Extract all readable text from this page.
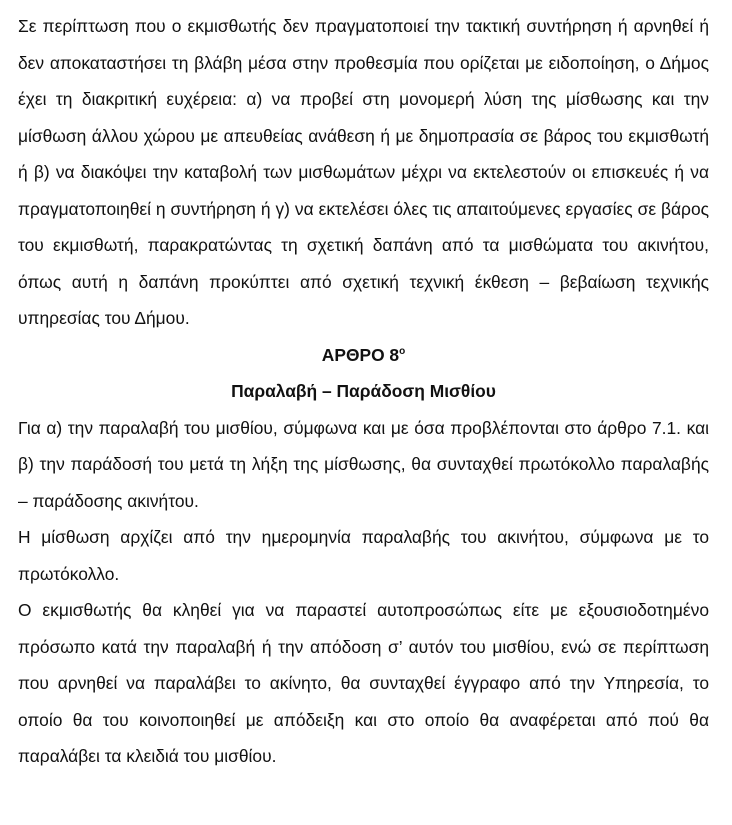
Σε περίπτωση που ο εκμισθωτής δεν πραγματοποιεί την τακτική συντήρηση ή αρνηθεί ή δεν αποκαταστήσει τη βλάβη μέσα στην προθεσμία που ορίζεται με ειδοποίηση, ο Δήμος έχει τη διακριτική ευχέρεια: α) να προβεί στη μονομερή λύση της μίσθωσης και την μίσθωση άλλου χώρου με απευθείας ανάθεση ή με δημοπρασία σε βάρος του εκμισθωτή ή β) να διακόψει την καταβολή των μισθωμάτων μέχρι να εκτελεστούν οι επισκευές ή να πραγματοποιηθεί η συντήρηση ή γ) να εκτελέσει όλες τις απαιτούμενες εργασίες σε βάρος του εκμισθωτή, παρακρατώντας τη σχετική δαπάνη από τα μισθώματα του ακινήτου, όπως αυτή η δαπάνη προκύπτει από σχετική τεχνική έκθεση – βεβαίωση τεχνικής υπηρεσίας του Δήμου.

ΑΡΘΡΟ $8^o$

Παραλαβή – Παράδοση Μισθίου

Για α) την παραλαβή του μισθίου, σύμφωνα και με όσα προβλέπονται στο άρθρο 7.1. και β) την παράδοσή του μετά τη λήξη της μίσθωσης, θα συνταχθεί πρωτόκολλο παραλαβής – παράδοσης ακινήτου.

Η μίσθωση αρχίζει από την ημερομηνία παραλαβής του ακινήτου, σύμφωνα με το πρωτόκολλο.

Ο εκμισθωτής θα κληθεί για να παραστεί αυτοπροσώπως είτε με εξουσιοδοτημένο πρόσωπο κατά την παραλαβή ή την απόδοση σ’ αυτόν του μισθίου, ενώ σε περίπτωση που αρνηθεί να παραλάβει το ακίνητο, θα συνταχθεί έγγραφο από την Υπηρεσία, το οποίο θα του κοινοποιηθεί με απόδειξη και στο οποίο θα αναφέρεται από πού θα παραλάβει τα κλειδιά του μισθίου.
